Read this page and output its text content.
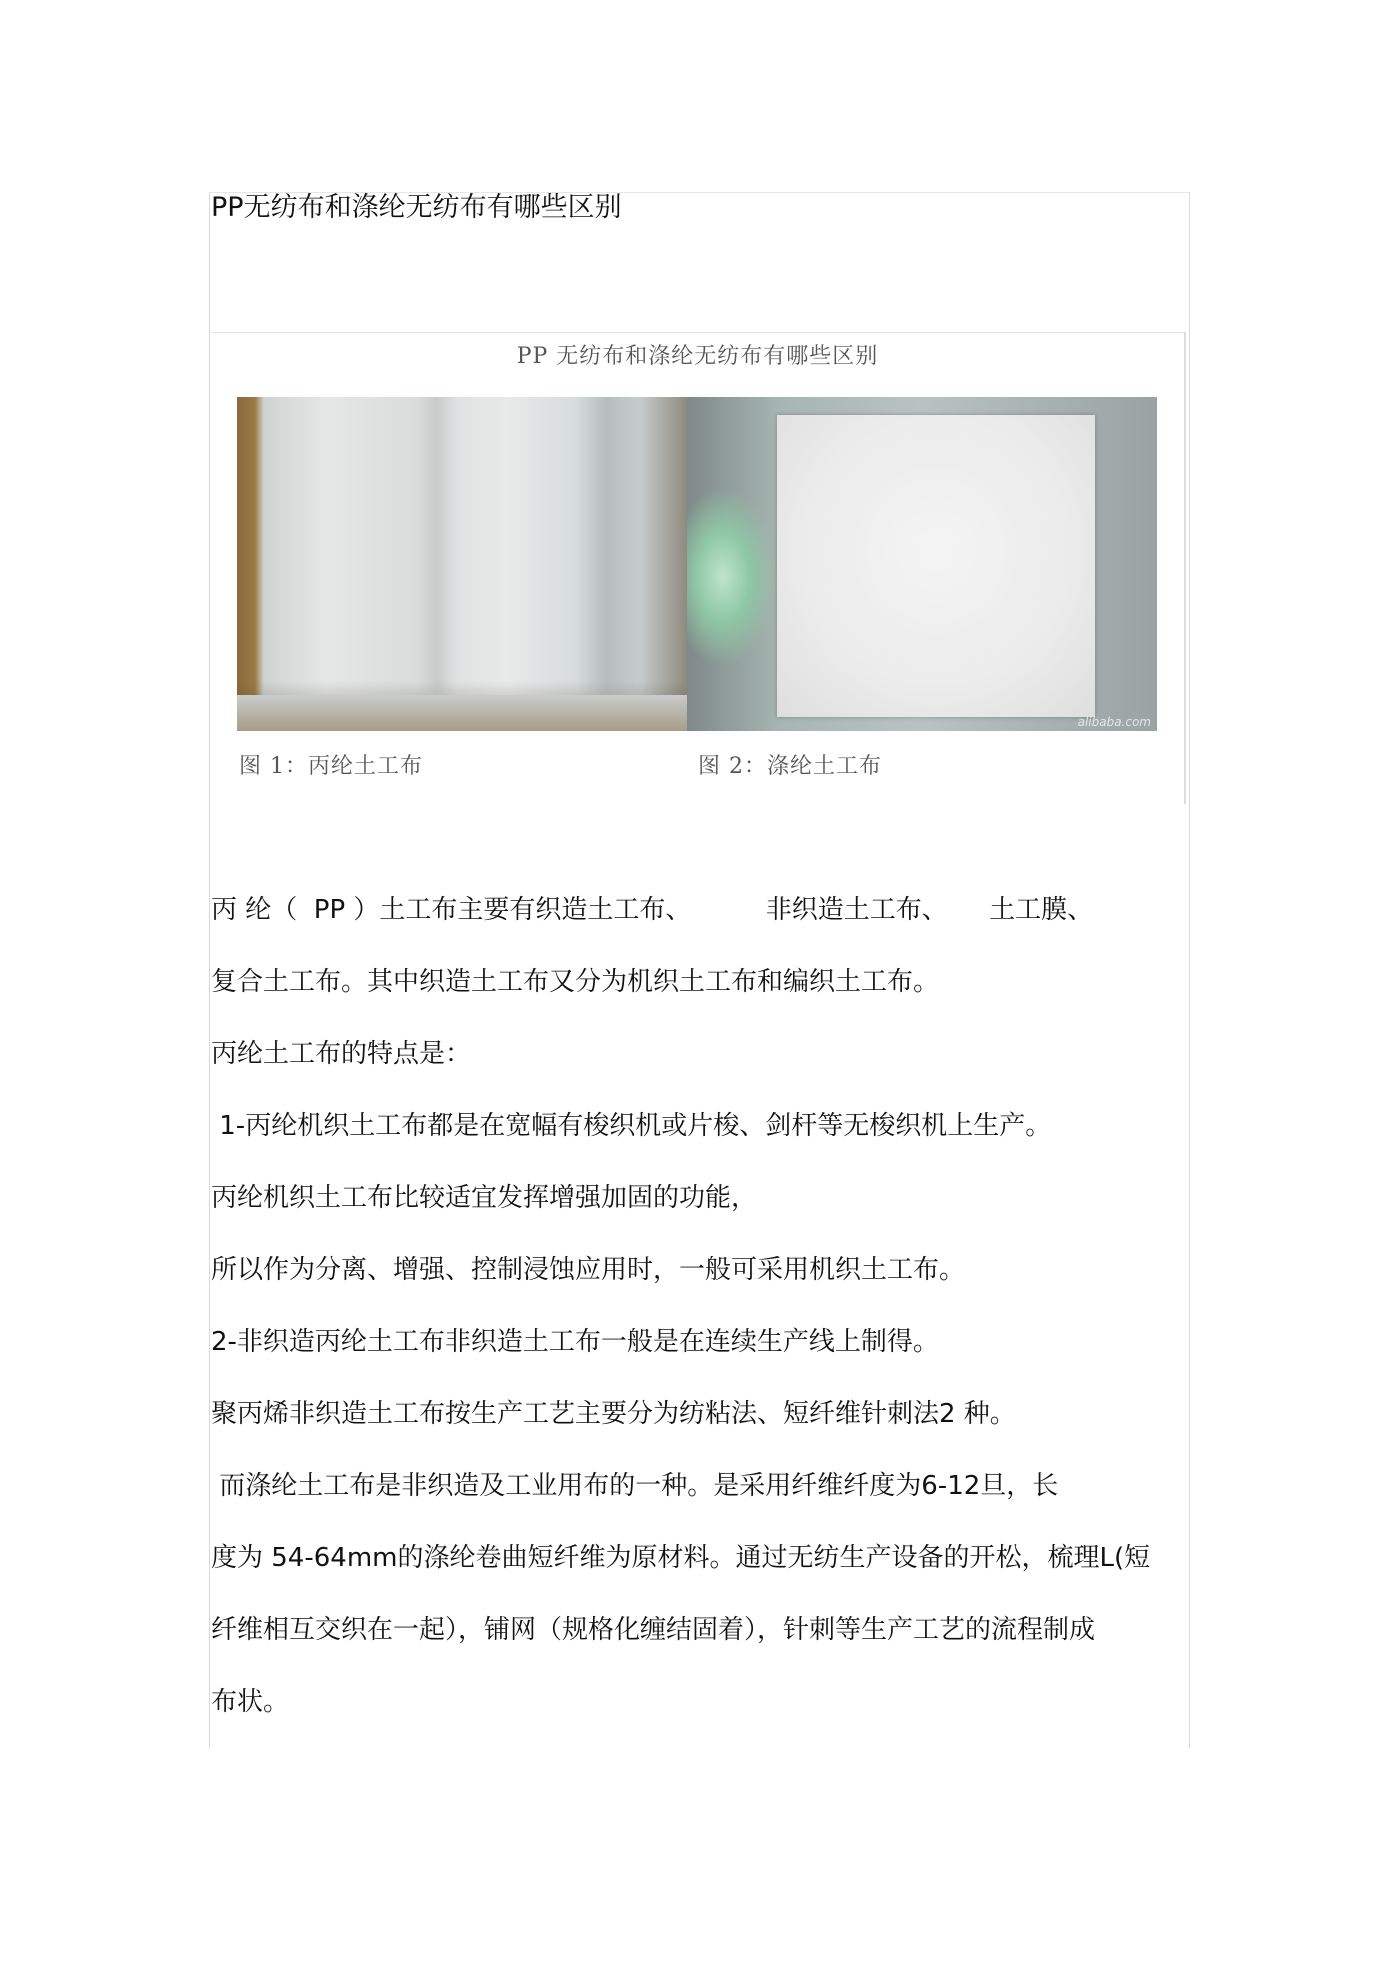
PP无纺布和涤纶无纺布有哪些区别
PP 无纺布和涤纶无纺布有哪些区别
alibaba.com
图 1：丙纶土工布	图 2：涤纶土工布
丙 纶（  PP ）土工布主要有织造土工布、         非织造土工布、     土工膜、
复合土工布。其中织造土工布又分为机织土工布和编织土工布。
丙纶土工布的特点是：
1-丙纶机织土工布都是在宽幅有梭织机或片梭、剑杆等无梭织机上生产。
丙纶机织土工布比较适宜发挥增强加固的功能，
所以作为分离、增强、控制浸蚀应用时，一般可采用机织土工布。
2-非织造丙纶土工布非织造土工布一般是在连续生产线上制得。
聚丙烯非织造土工布按生产工艺主要分为纺粘法、短纤维针刺法2 种。
而涤纶土工布是非织造及工业用布的一种。是采用纤维纤度为6-12旦，长
度为 54-64mm的涤纶卷曲短纤维为原材料。通过无纺生产设备的开松，梳理L(短
纤维相互交织在一起），铺网（规格化缠结固着），针刺等生产工艺的流程制成
布状。
